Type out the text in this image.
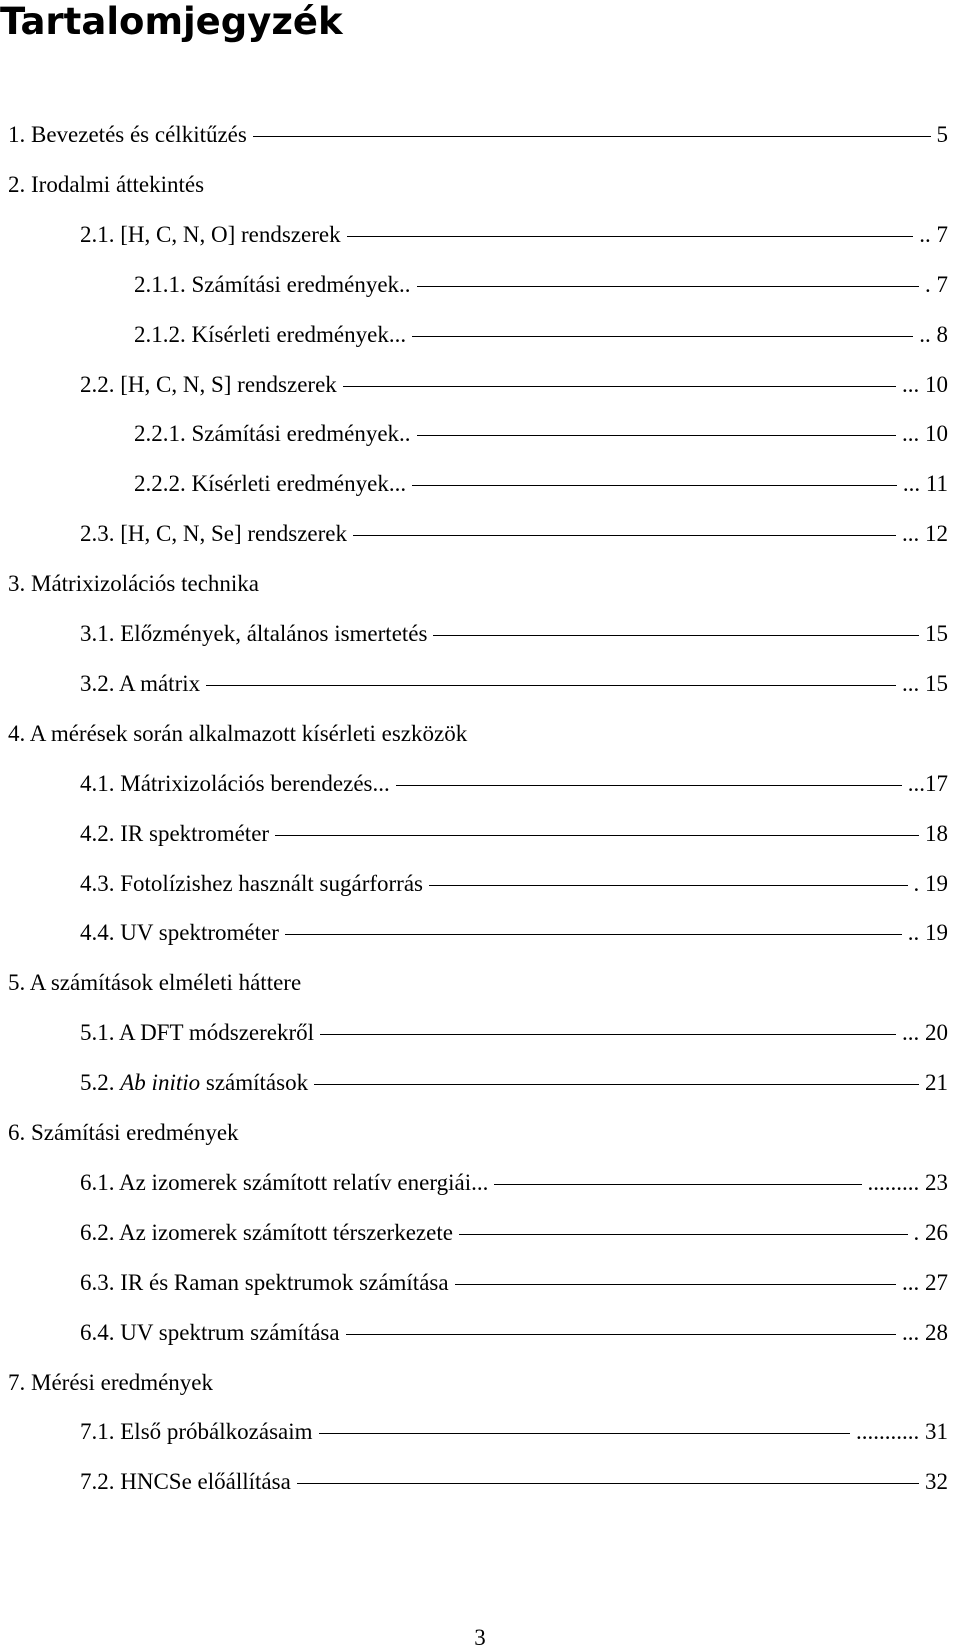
Tartalomjegyzék
1. Bevezetés és célkitűzés	5
2. Irodalmi áttekintés
2.1. [H, C, N, O] rendszerek	.. 7
2.1.1. Számítási eredmények..	. 7
2.1.2. Kísérleti eredmények...	.. 8
2.2. [H, C, N, S] rendszerek	... 10
2.2.1. Számítási eredmények..	... 10
2.2.2. Kísérleti eredmények...	... 11
2.3. [H, C, N, Se] rendszerek	... 12
3. Mátrixizolációs technika
3.1. Előzmények, általános ismertetés	15
3.2. A mátrix	... 15
4. A mérések során alkalmazott kísérleti eszközök
4.1. Mátrixizolációs berendezés...	...17
4.2. IR spektrométer	18
4.3. Fotolízishez használt sugárforrás	. 19
4.4. UV spektrométer	.. 19
5. A számítások elméleti háttere
5.1. A DFT módszerekről	... 20
5.2. Ab initio számítások	21
6. Számítási eredmények
6.1. Az izomerek számított relatív energiái...	......... 23
6.2. Az izomerek számított térszerkezete	. 26
6.3. IR és Raman spektrumok számítása	... 27
6.4. UV spektrum számítása	... 28
7. Mérési eredmények
7.1. Első próbálkozásaim	........... 31
7.2. HNCSe előállítása	32
3
